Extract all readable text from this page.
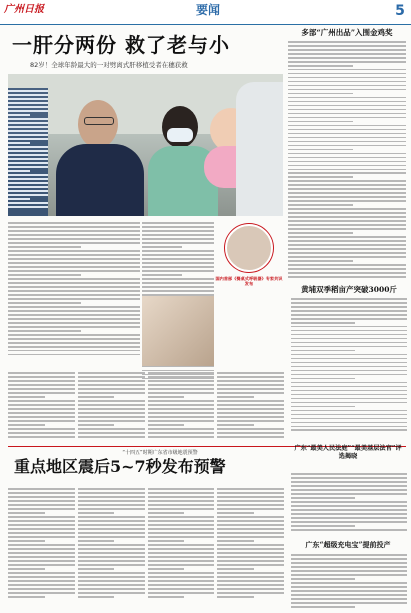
广州日报	要闻	5
一肝分两份 救了老与小
82岁！全球年龄最大的一对劈离式肝移植受者在穗获救
国内首部《餐桌式呼吸器》专家共识发布
多部“广州出品”入围金鸡奖
黄埔双季稻亩产突破3000斤
“十四五”时期广东省市级地震预警
重点地区震后5~7秒发布预警
广东“最美人民法庭”“最美基层法官”评选揭晓
广东“超级充电宝”提前投产
